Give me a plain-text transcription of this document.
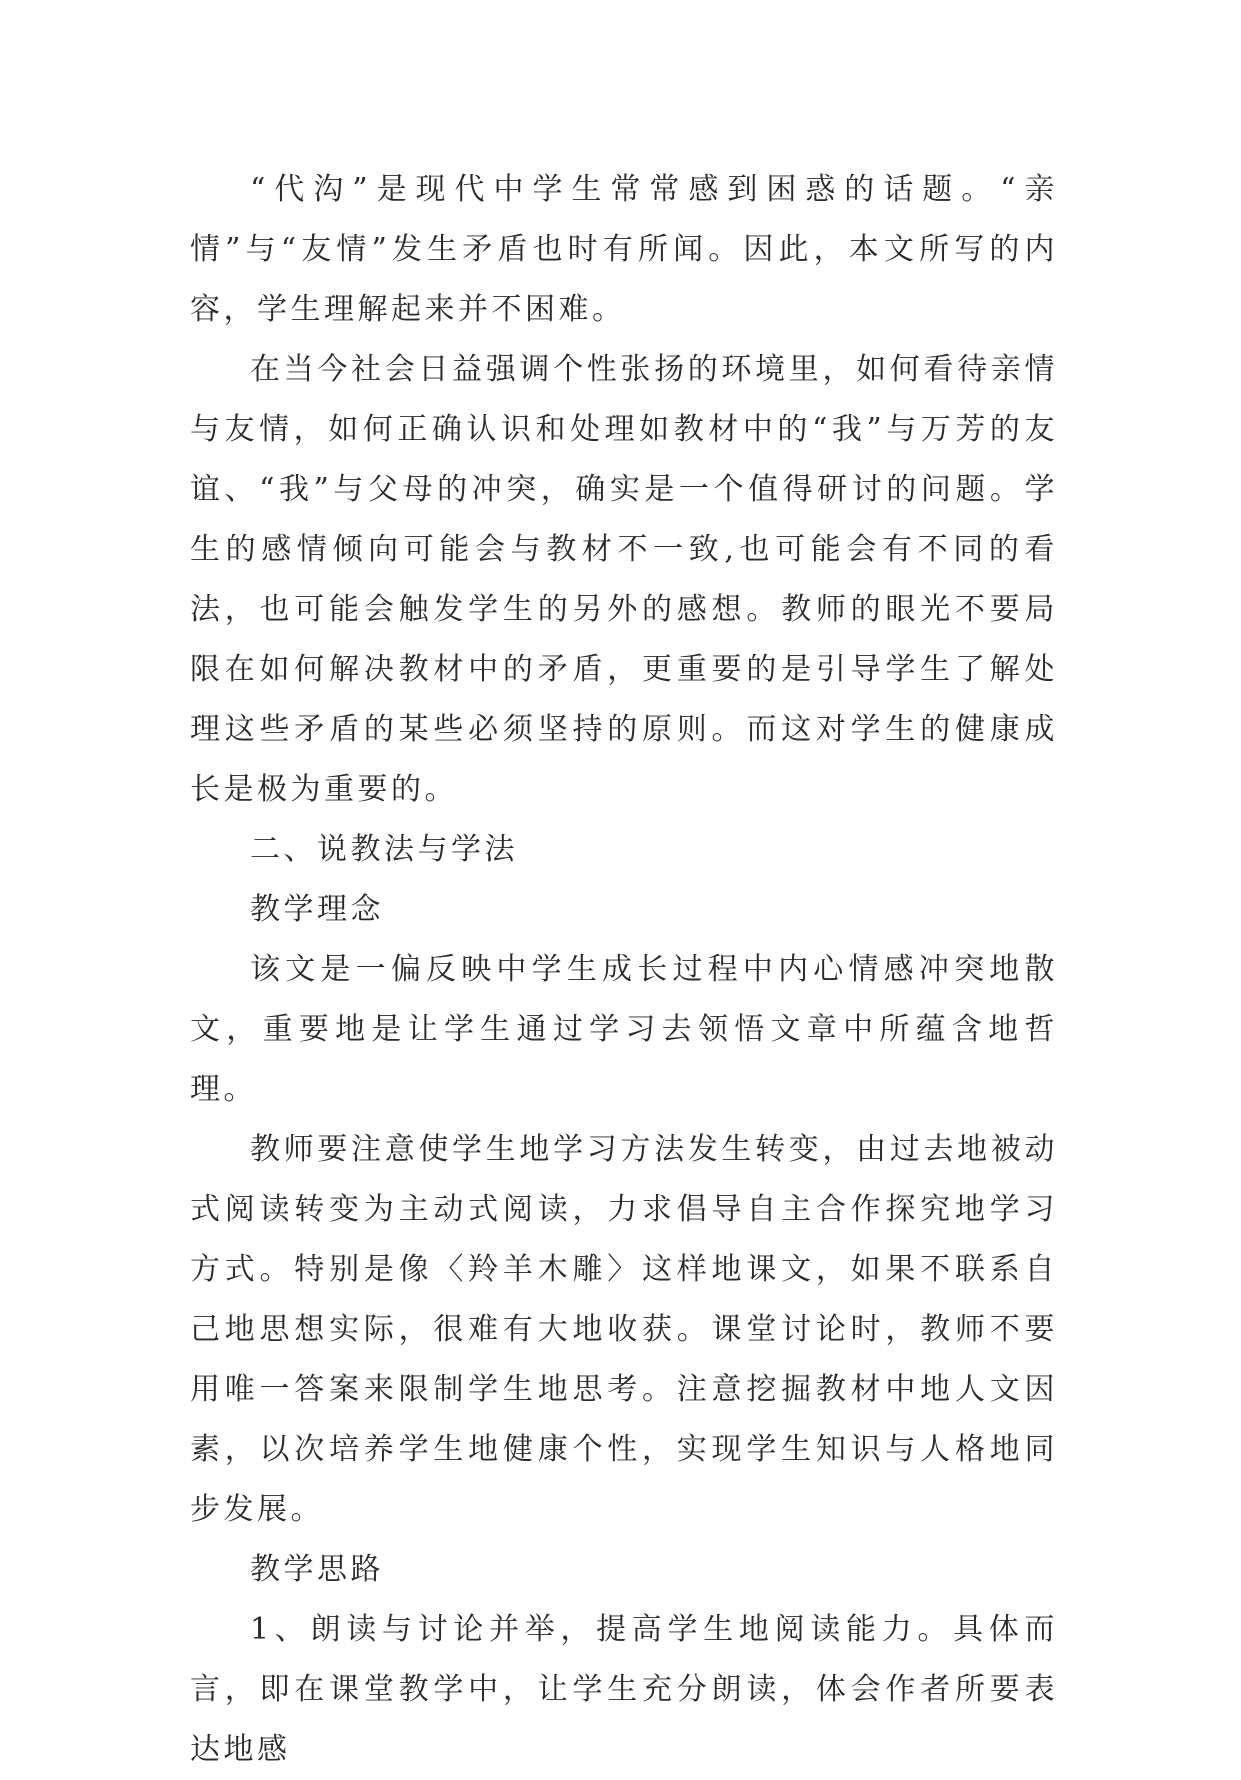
“代沟”是现代中学生常常感到困惑的话题。“亲情”与“友情”发生矛盾也时有所闻。因此，本文所写的内容，学生理解起来并不困难。

在当今社会日益强调个性张扬的环境里，如何看待亲情与友情，如何正确认识和处理如教材中的“我”与万芳的友谊、“我”与父母的冲突，确实是一个值得研讨的问题。学生的感情倾向可能会与教材不一致,也可能会有不同的看法，也可能会触发学生的另外的感想。教师的眼光不要局限在如何解决教材中的矛盾，更重要的是引导学生了解处理这些矛盾的某些必须坚持的原则。而这对学生的健康成长是极为重要的。

二、说教法与学法

教学理念

该文是一偏反映中学生成长过程中内心情感冲突地散文，重要地是让学生通过学习去领悟文章中所蕴含地哲理。

教师要注意使学生地学习方法发生转变，由过去地被动式阅读转变为主动式阅读，力求倡导自主合作探究地学习方式。特别是像〈羚羊木雕〉这样地课文，如果不联系自己地思想实际，很难有大地收获。课堂讨论时，教师不要用唯一答案来限制学生地思考。注意挖掘教材中地人文因素，以次培养学生地健康个性，实现学生知识与人格地同步发展。

教学思路

1、朗读与讨论并举，提高学生地阅读能力。具体而言，即在课堂教学中，让学生充分朗读，体会作者所要表达地感
